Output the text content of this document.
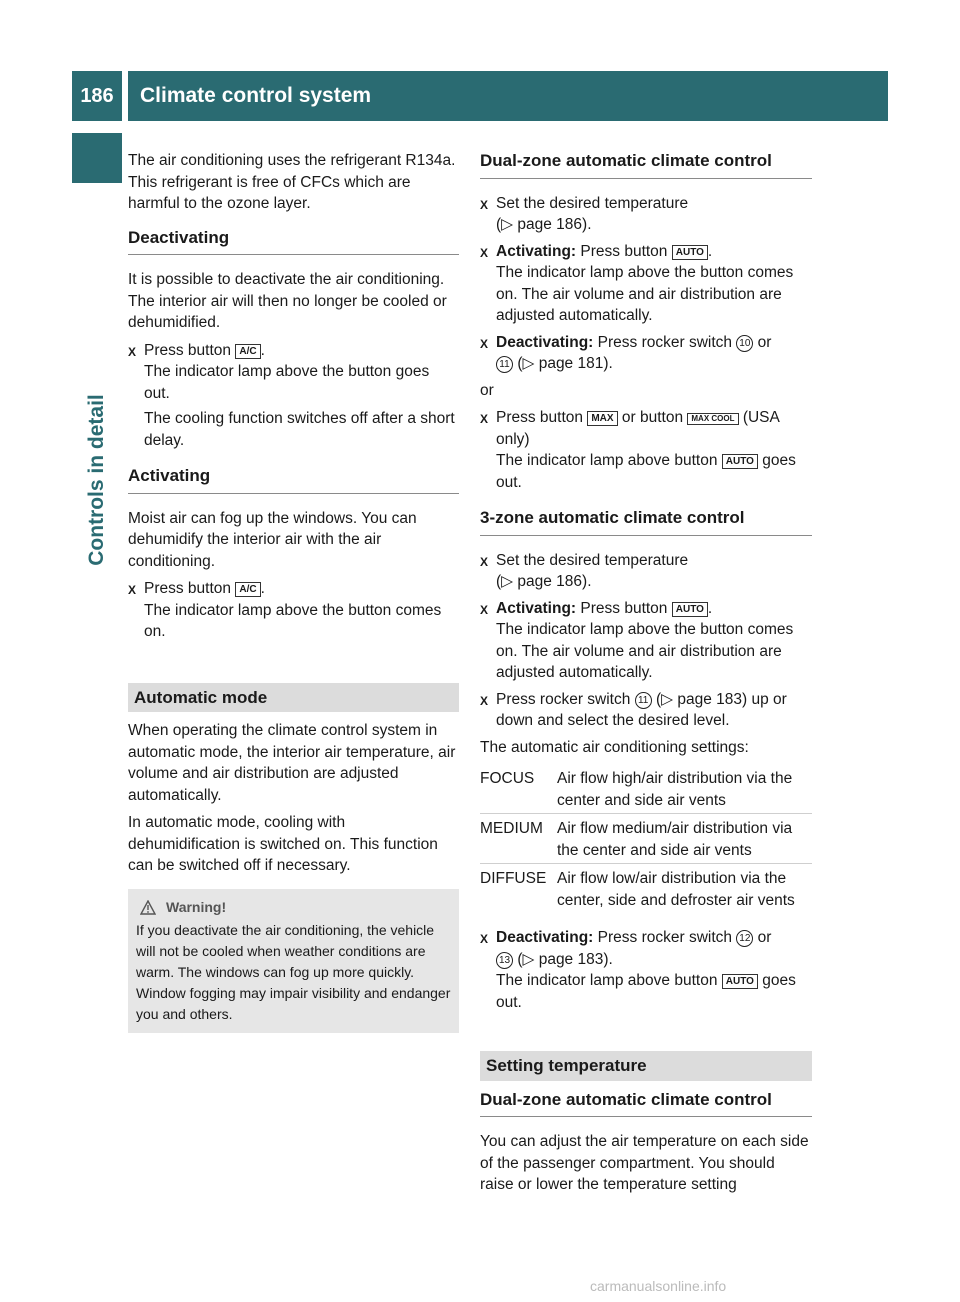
186	Climate control system
Controls in detail

The air conditioning uses the refrigerant R134a. This refrigerant is free of CFCs which are harmful to the ozone layer.

Deactivating

It is possible to deactivate the air conditioning. The interior air will then no longer be cooled or dehumidified.

X Press button A/C .
The indicator lamp above the button goes out.
The cooling function switches off after a short delay.
Activating

Moist air can fog up the windows. You can dehumidify the interior air with the air conditioning.

X Press button A/C .
The indicator lamp above the button comes on.
Automatic mode

When operating the climate control system in automatic mode, the interior air temperature, air volume and air distribution are adjusted automatically.

In automatic mode, cooling with dehumidification is switched on. This function can be switched off if necessary.

Warning!
If you deactivate the air conditioning, the vehicle will not be cooled when weather conditions are warm. The windows can fog up more quickly. Window fogging may impair visibility and endanger you and others.
Dual-zone automatic climate control
X Set the desired temperature
(▷ page 186).
X Activating: Press button AUTO .
The indicator lamp above the button comes on. The air volume and air distribution are adjusted automatically.
X Deactivating: Press rocker switch 10 or
11 (▷ page 181).

or

X Press button MAX or button MAX COOL (USA only)
The indicator lamp above button AUTO goes out.
3-zone automatic climate control
X Set the desired temperature
(▷ page 186).
X Activating: Press button AUTO .
The indicator lamp above the button comes on. The air volume and air distribution are adjusted automatically.
X Press rocker switch 11 (▷ page 183) up or down and select the desired level.

The automatic air conditioning settings:

FOCUS	Air flow high/air distribution via the center and side air vents
MEDIUM Air flow medium/air distribution via the center and side air vents
DIFFUSE Air flow low/air distribution via the center, side and defroster air vents
X Deactivating: Press rocker switch 12 or
13 (▷ page 183).
The indicator lamp above button AUTO goes out.
Setting temperature
Dual-zone automatic climate control

You can adjust the air temperature on each side of the passenger compartment. You should raise or lower the temperature setting

carmanualsonline.info
